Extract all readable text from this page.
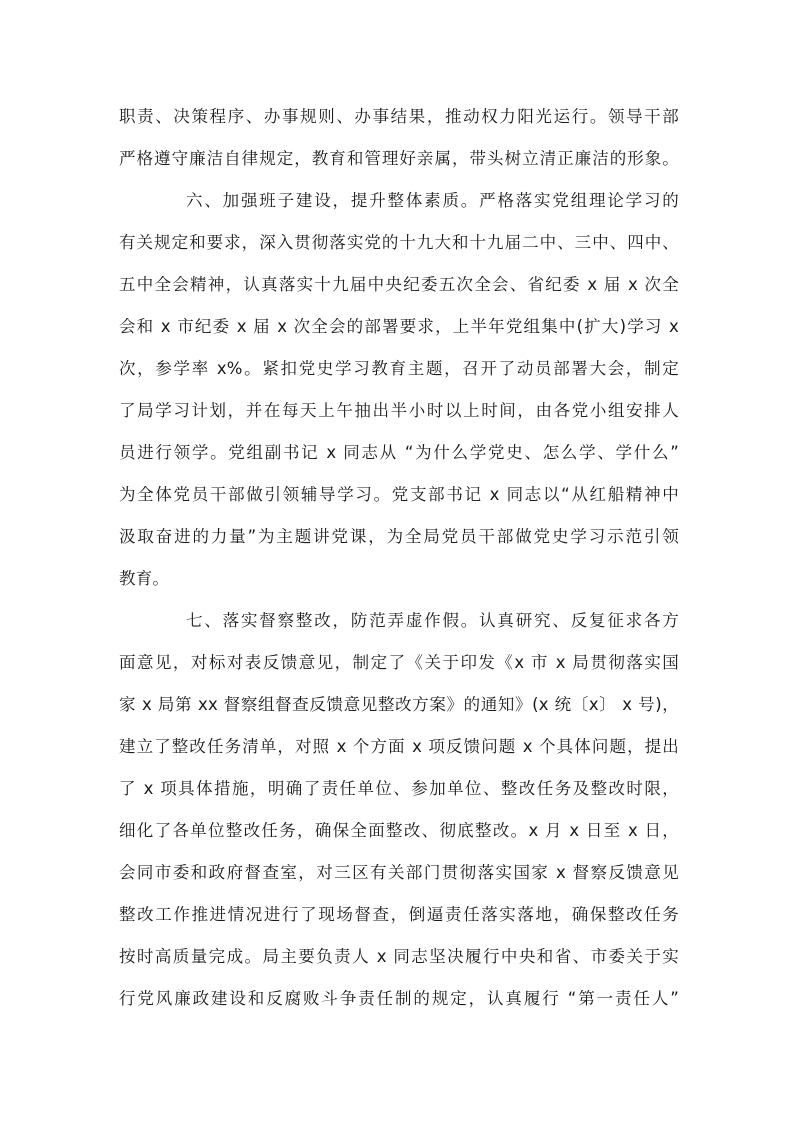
职责、决策程序、办事规则、办事结果，推动权力阳光运行。领导干部
严格遵守廉洁自律规定，教育和管理好亲属，带头树立清正廉洁的形象。
六、加强班子建设，提升整体素质。严格落实党组理论学习的
有关规定和要求，深入贯彻落实党的十九大和十九届二中、三中、四中、
五中全会精神，认真落实十九届中央纪委五次全会、省纪委 x 届 x 次全
会和 x 市纪委 x 届 x 次全会的部署要求，上半年党组集中(扩大)学习 x
次，参学率 x%。紧扣党史学习教育主题，召开了动员部署大会，制定
了局学习计划，并在每天上午抽出半小时以上时间，由各党小组安排人
员进行领学。党组副书记 x 同志从 “为什么学党史、怎么学、学什么”
为全体党员干部做引领辅导学习。党支部书记 x 同志以“从红船精神中
汲取奋进的力量”为主题讲党课，为全局党员干部做党史学习示范引领
教育。
七、落实督察整改，防范弄虚作假。认真研究、反复征求各方
面意见，对标对表反馈意见，制定了《关于印发《x 市 x 局贯彻落实国
家 x 局第 xx 督察组督查反馈意见整改方案》的通知》(x 统〔x〕 x 号)，
建立了整改任务清单，对照 x 个方面 x 项反馈问题 x 个具体问题，提出
了 x 项具体措施，明确了责任单位、参加单位、整改任务及整改时限，
细化了各单位整改任务，确保全面整改、彻底整改。x 月 x 日至 x 日，
会同市委和政府督查室，对三区有关部门贯彻落实国家 x 督察反馈意见
整改工作推进情况进行了现场督查，倒逼责任落实落地，确保整改任务
按时高质量完成。局主要负责人 x 同志坚决履行中央和省、市委关于实
行党风廉政建设和反腐败斗争责任制的规定，认真履行 “第一责任人”
